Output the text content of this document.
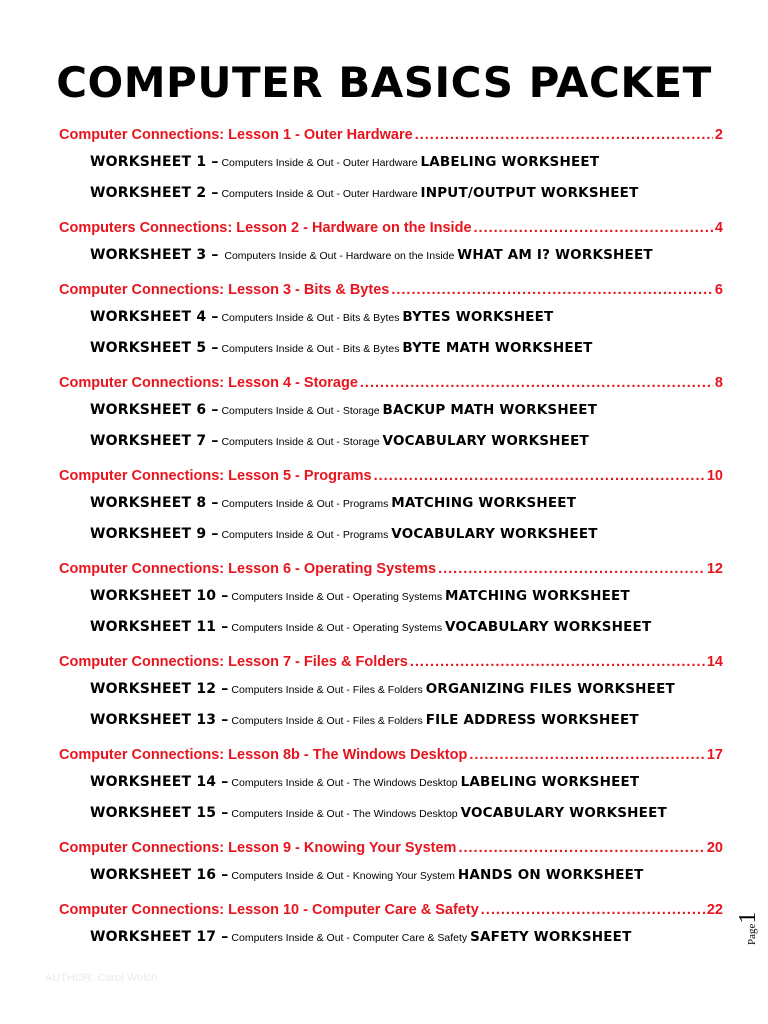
COMPUTER BASICS PACKET
Computer Connections: Lesson 1 - Outer Hardware .....	2
WORKSHEET 1 – Computers Inside & Out - Outer Hardware LABELING WORKSHEET
WORKSHEET 2 – Computers Inside & Out - Outer Hardware INPUT/OUTPUT WORKSHEET
Computers Connections: Lesson 2 - Hardware on the Inside .....	4
WORKSHEET 3 –  Computers Inside & Out - Hardware on the Inside WHAT AM I? WORKSHEET
Computer Connections: Lesson 3 - Bits & Bytes .....	6
WORKSHEET 4 – Computers Inside & Out - Bits & Bytes BYTES WORKSHEET
WORKSHEET 5 – Computers Inside & Out - Bits & Bytes BYTE MATH WORKSHEET
Computer Connections: Lesson 4 - Storage .....	8
WORKSHEET 6 – Computers Inside & Out - Storage BACKUP MATH WORKSHEET
WORKSHEET 7 – Computers Inside & Out - Storage VOCABULARY WORKSHEET
Computer Connections: Lesson 5 - Programs .....	10
WORKSHEET 8 – Computers Inside & Out - Programs MATCHING WORKSHEET
WORKSHEET 9 – Computers Inside & Out - Programs VOCABULARY WORKSHEET
Computer Connections: Lesson 6 - Operating Systems .....	12
WORKSHEET 10 – Computers Inside & Out - Operating Systems MATCHING WORKSHEET
WORKSHEET 11 – Computers Inside & Out - Operating Systems VOCABULARY WORKSHEET
Computer Connections: Lesson 7 - Files & Folders .....	14
WORKSHEET 12 – Computers Inside & Out - Files & Folders ORGANIZING FILES WORKSHEET
WORKSHEET 13 – Computers Inside & Out - Files & Folders FILE ADDRESS WORKSHEET
Computer Connections: Lesson 8b - The Windows Desktop .....	17
WORKSHEET 14 – Computers Inside & Out - The Windows Desktop LABELING WORKSHEET
WORKSHEET 15 – Computers Inside & Out - The Windows Desktop VOCABULARY WORKSHEET
Computer Connections: Lesson 9 - Knowing Your System .....	20
WORKSHEET 16 – Computers Inside & Out - Knowing Your System HANDS ON WORKSHEET
Computer Connections: Lesson 10 - Computer Care & Safety .....	22
WORKSHEET 17 – Computers Inside & Out - Computer Care & Safety SAFETY WORKSHEET	Page1
AUTHOR: Carol Welch
